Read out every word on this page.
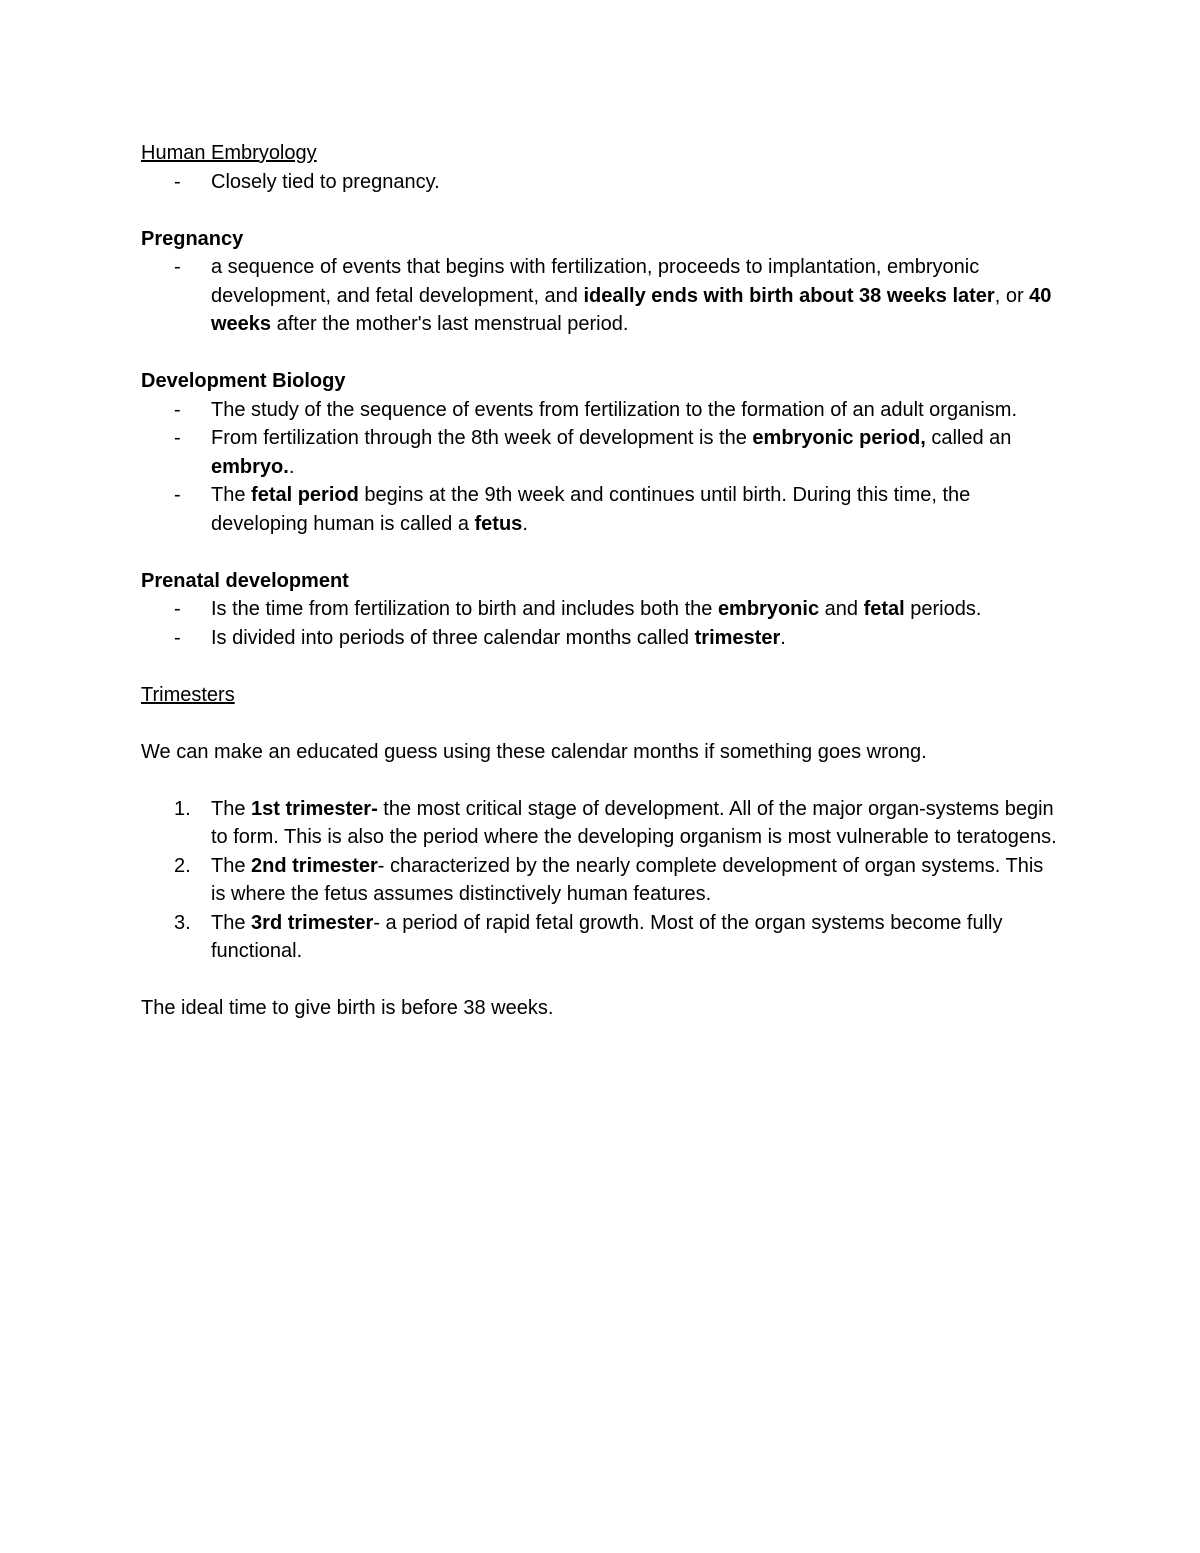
Human Embryology
- Closely tied to pregnancy.
Pregnancy
- a sequence of events that begins with fertilization, proceeds to implantation, embryonic development, and fetal development, and ideally ends with birth about 38 weeks later, or 40 weeks after the mother's last menstrual period.
Development Biology
- The study of the sequence of events from fertilization to the formation of an adult organism.
- From fertilization through the 8th week of development is the embryonic period, called an embryo..
- The fetal period begins at the 9th week and continues until birth. During this time, the developing human is called a fetus.
Prenatal development
- Is the time from fertilization to birth and includes both the embryonic and fetal periods.
- Is divided into periods of three calendar months called trimester.
Trimesters
We can make an educated guess using these calendar months if something goes wrong.
1. The 1st trimester- the most critical stage of development. All of the major organ-systems begin to form. This is also the period where the developing organism is most vulnerable to teratogens.
2. The 2nd trimester- characterized by the nearly complete development of organ systems. This is where the fetus assumes distinctively human features.
3. The 3rd trimester- a period of rapid fetal growth. Most of the organ systems become fully functional.
The ideal time to give birth is before 38 weeks.
